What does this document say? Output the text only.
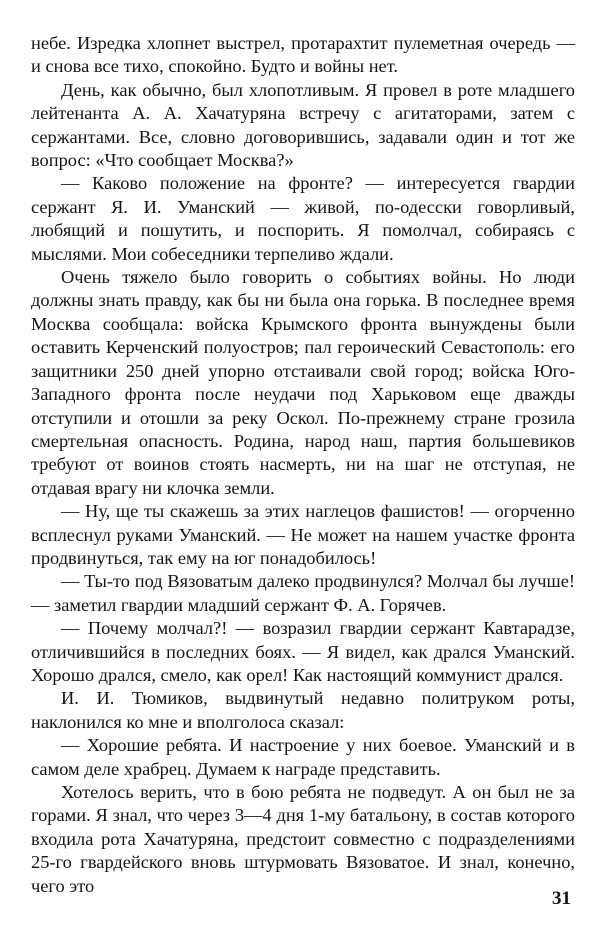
небе. Изредка хлопнет выстрел, протарахтит пулеметная очередь — и снова все тихо, спокойно. Будто и войны нет.

День, как обычно, был хлопотливым. Я провел в роте младшего лейтенанта А. А. Хачатуряна встречу с агитаторами, затем с сержантами. Все, словно договорившись, задавали один и тот же вопрос: «Что сообщает Москва?»

— Каково положение на фронте? — интересуется гвардии сержант Я. И. Уманский — живой, по-одесски говорливый, любящий и пошутить, и поспорить. Я помолчал, собираясь с мыслями. Мои собеседники терпеливо ждали.

Очень тяжело было говорить о событиях войны. Но люди должны знать правду, как бы ни была она горька. В последнее время Москва сообщала: войска Крымского фронта вынуждены были оставить Керченский полуостров; пал героический Севастополь: его защитники 250 дней упорно отстаивали свой город; войска Юго-Западного фронта после неудачи под Харьковом еще дважды отступили и отошли за реку Оскол. По-прежнему стране грозила смертельная опасность. Родина, народ наш, партия большевиков требуют от воинов стоять насмерть, ни на шаг не отступая, не отдавая врагу ни клочка земли.

— Ну, ще ты скажешь за этих наглецов фашистов! — огорченно всплеснул руками Уманский. — Не может на нашем участке фронта продвинуться, так ему на юг понадобилось!

— Ты-то под Вязоватым далеко продвинулся? Молчал бы лучше! — заметил гвардии младший сержант Ф. А. Горячев.

— Почему молчал?! — возразил гвардии сержант Кавтарадзе, отличившийся в последних боях. — Я видел, как дрался Уманский. Хорошо дрался, смело, как орел! Как настоящий коммунист дрался.

И. И. Тюмиков, выдвинутый недавно политруком роты, наклонился ко мне и вполголоса сказал:

— Хорошие ребята. И настроение у них боевое. Уманский и в самом деле храбрец. Думаем к награде представить.

Хотелось верить, что в бою ребята не подведут. А он был не за горами. Я знал, что через 3—4 дня 1-му батальону, в состав которого входила рота Хачатуряна, предстоит совместно с подразделениями 25-го гвардейского вновь штурмовать Вязоватое. И знал, конечно, чего это

31
